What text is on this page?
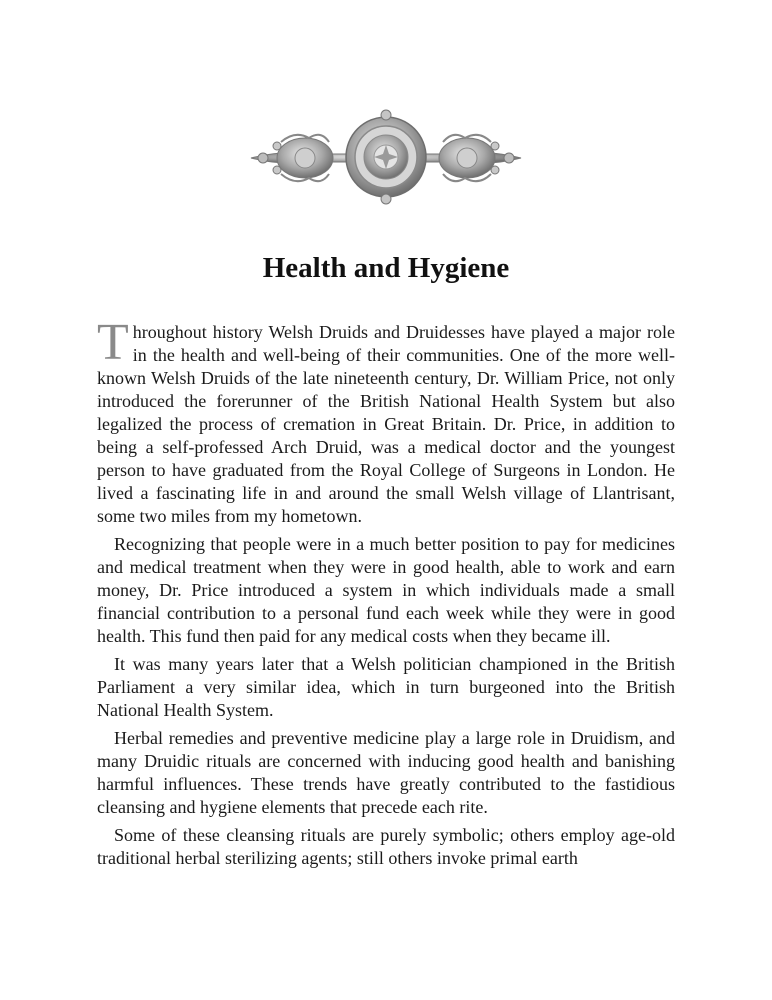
Health and Hygiene

Throughout history Welsh Druids and Druidesses have played a major role in the health and well-being of their communities. One of the more well-known Welsh Druids of the late nineteenth century, Dr. William Price, not only introduced the forerunner of the British National Health System but also legalized the process of cremation in Great Britain. Dr. Price, in addition to being a self-professed Arch Druid, was a medical doctor and the youngest person to have graduated from the Royal College of Surgeons in London. He lived a fascinating life in and around the small Welsh village of Llantrisant, some two miles from my hometown.

Recognizing that people were in a much better position to pay for medicines and medical treatment when they were in good health, able to work and earn money, Dr. Price introduced a system in which individuals made a small financial contribution to a personal fund each week while they were in good health. This fund then paid for any medical costs when they became ill.

It was many years later that a Welsh politician championed in the British Parliament a very similar idea, which in turn burgeoned into the British National Health System.

Herbal remedies and preventive medicine play a large role in Druidism, and many Druidic rituals are concerned with inducing good health and banishing harmful influences. These trends have greatly contributed to the fastidious cleansing and hygiene elements that precede each rite.

Some of these cleansing rituals are purely symbolic; others employ age-old traditional herbal sterilizing agents; still others invoke primal earth
